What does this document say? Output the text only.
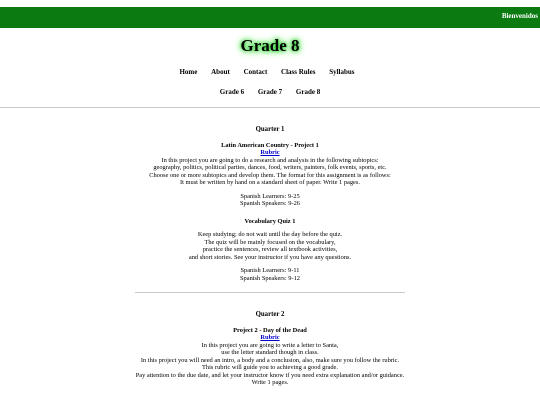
Bienvenidos
Grade 8
Home About Contact Class Rules Syllabus
Grade 6 Grade 7 Grade 8

Quarter 1

Latin American Country - Project 1

Rubric

In this project you are going to do a research and analysis in the following subtopics:

geography, politics, political parties, dances, food, writers, painters, folk events, sports, etc.

Choose one or more subtopics and develop them. The format for this assignment is as follows:

It must be written by hand on a standard sheet of paper. Write 1 pages.

Spanish Learners: 9-25

Spanish Speakers: 9-26

Vocabulary Quiz 1

Keep studying; do not wait until the day before the quiz.

The quiz will be mainly focused on the vocabulary,

practice the sentences, review all textbook activities,

and short stories. See your instructor if you have any questions.

Spanish Learners: 9-11

Spanish Speakers: 9-12

Quarter 2

Project 2 - Day of the Dead

Rubric

In this project you are going to write a letter to Santa,

use the letter standard though in class.

In this project you will need an intro, a body and a conclusion, also, make sure you follow the rubric.

This rubric will guide you to achieving a good grade.

Pay attention to the due date, and let your instructor know if you need extra explanation and/or guidance.

Write 1 pages.
